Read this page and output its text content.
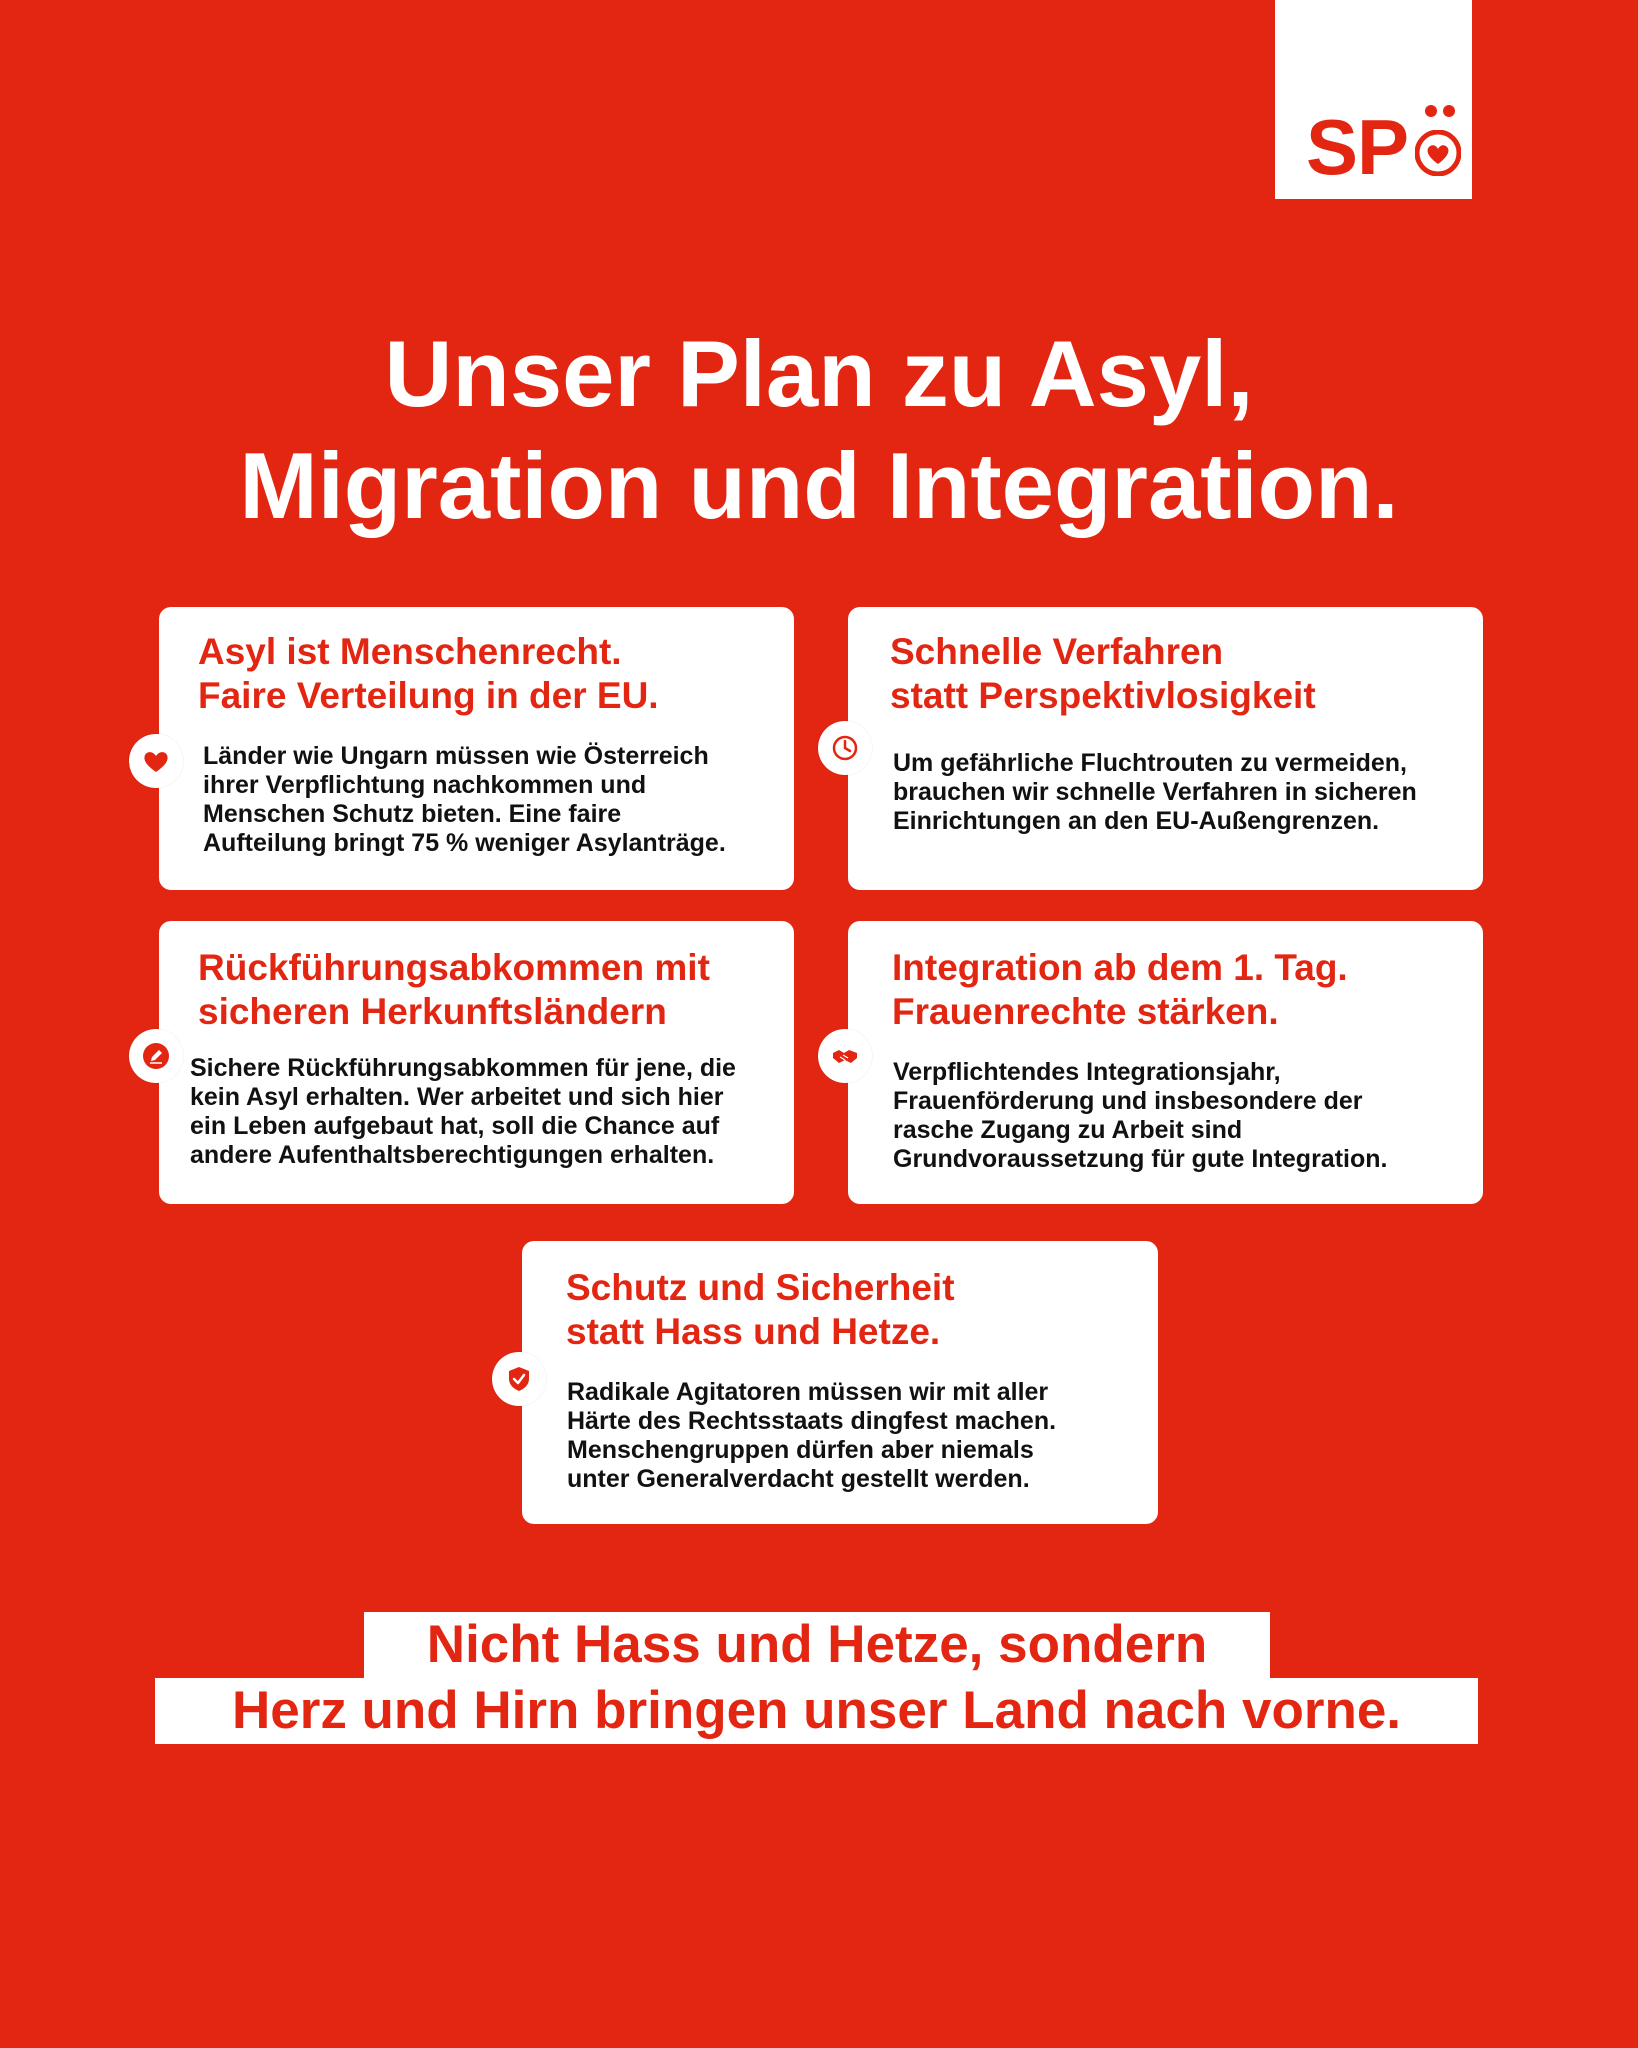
SP
Unser Plan zu Asyl,
Migration und Integration.
Asyl ist Menschenrecht.
Faire Verteilung in der EU.
Länder wie Ungarn müssen wie Österreich
ihrer Verpflichtung nachkommen und
Menschen Schutz bieten. Eine faire
Aufteilung bringt 75 % weniger Asylanträge.
Schnelle Verfahren
statt Perspektivlosigkeit
Um gefährliche Fluchtrouten zu vermeiden,
brauchen wir schnelle Verfahren in sicheren
Einrichtungen an den EU-Außengrenzen.
Rückführungsabkommen mit
sicheren Herkunftsländern
Sichere Rückführungsabkommen für jene, die
kein Asyl erhalten. Wer arbeitet und sich hier
ein Leben aufgebaut hat, soll die Chance auf
andere Aufenthaltsberechtigungen erhalten.
Integration ab dem 1. Tag.
Frauenrechte stärken.
Verpflichtendes Integrationsjahr,
Frauenförderung und insbesondere der
rasche Zugang zu Arbeit sind
Grundvoraussetzung für gute Integration.
Schutz und Sicherheit
statt Hass und Hetze.
Radikale Agitatoren müssen wir mit aller
Härte des Rechtsstaats dingfest machen.
Menschengruppen dürfen aber niemals
unter Generalverdacht gestellt werden.
Nicht Hass und Hetze, sondern
Herz und Hirn bringen unser Land nach vorne.
